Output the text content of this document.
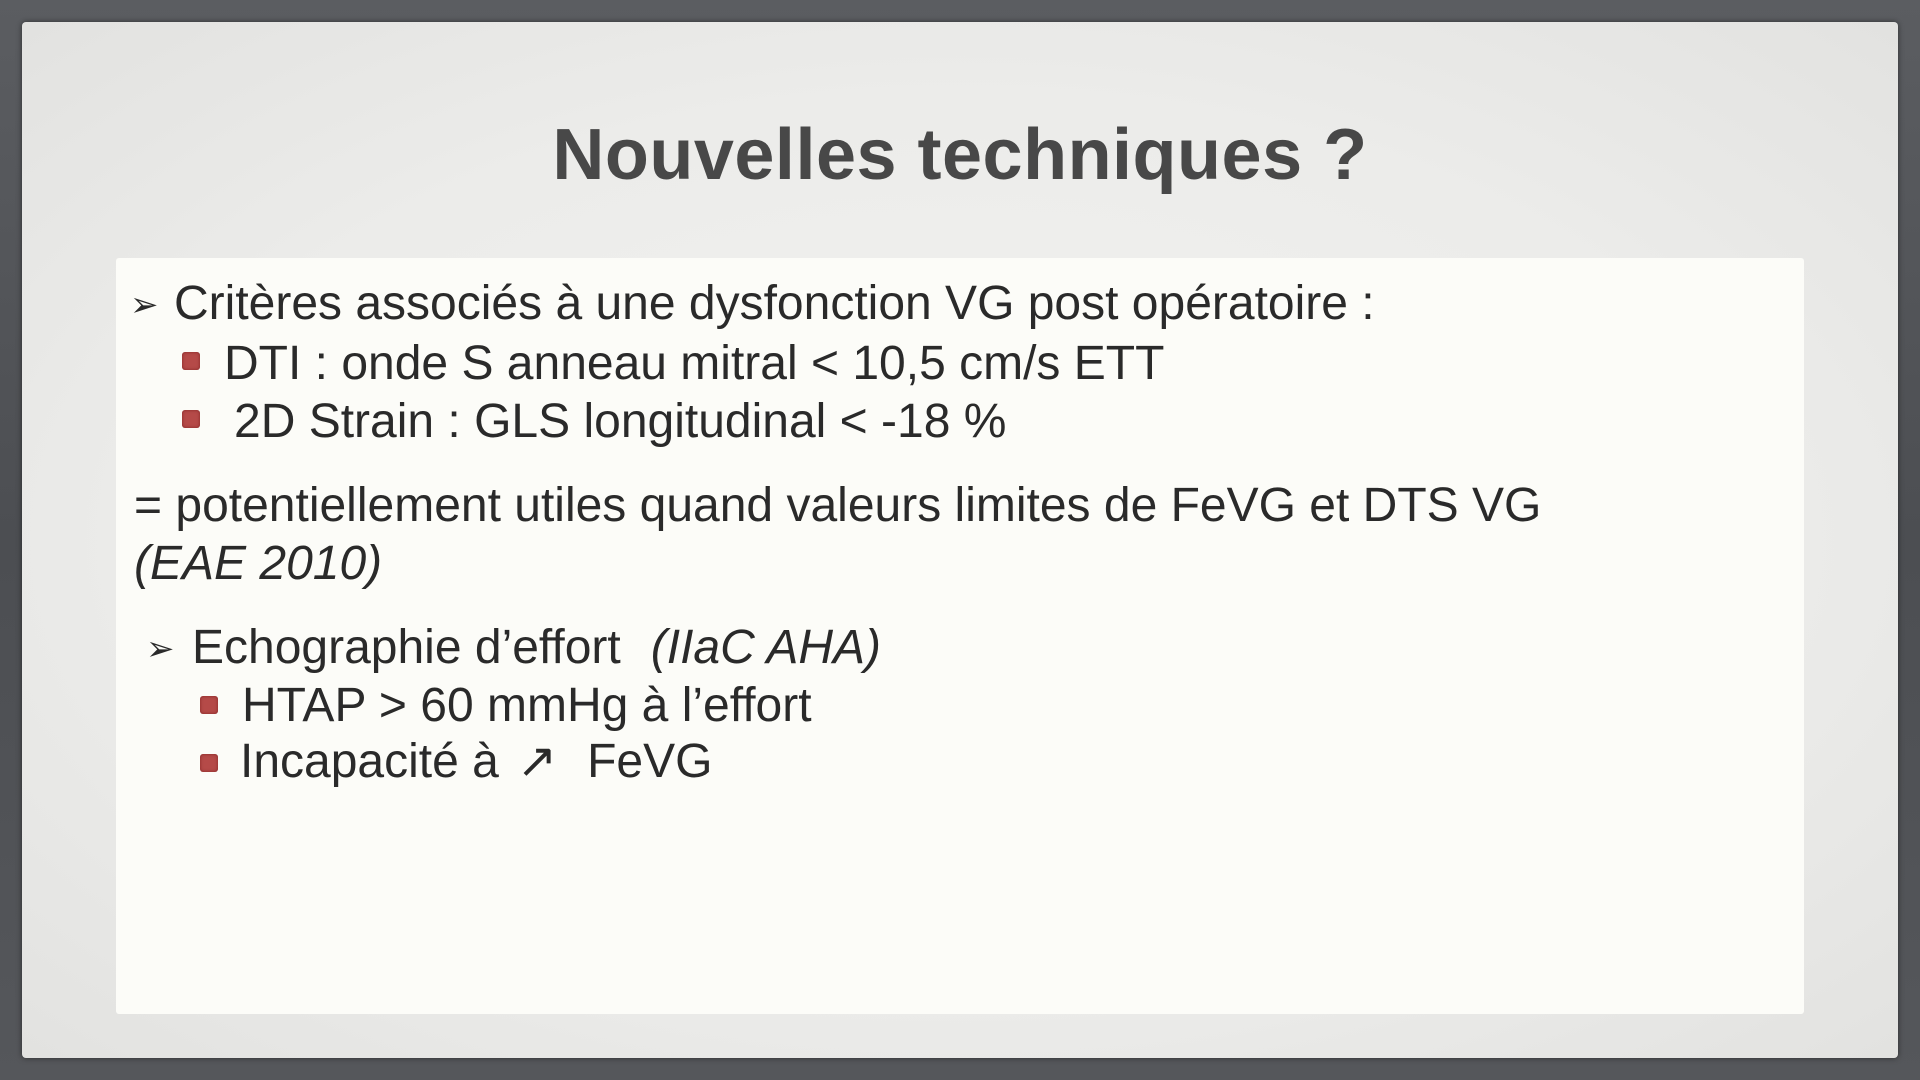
Nouvelles techniques ?
➢ Critères associés à une dysfonction VG post opératoire :
DTI : onde S anneau mitral < 10,5 cm/s ETT
2D Strain : GLS longitudinal < -18 %
= potentiellement utiles quand valeurs limites de FeVG et DTS VG
(EAE 2010)
➢ Echographie d’effort (IIaC AHA)
HTAP > 60 mmHg à l’effort
Incapacité à ↗ FeVG
